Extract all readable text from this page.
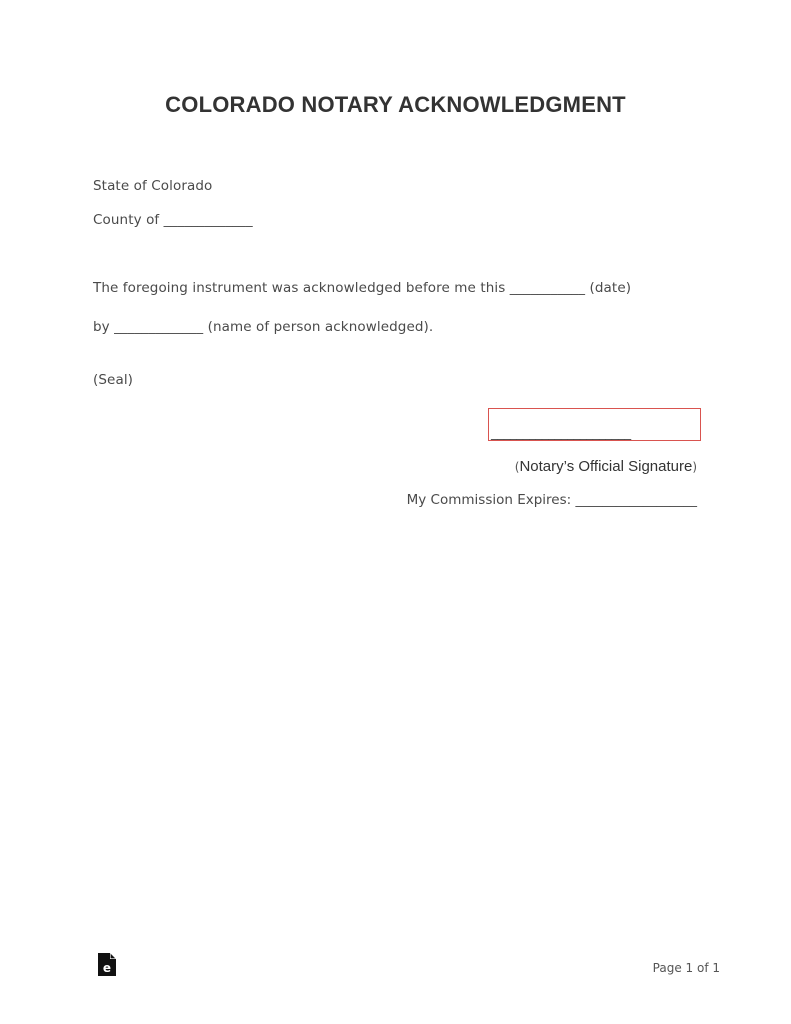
COLORADO NOTARY ACKNOWLEDGMENT
State of Colorado
County of _____________
The foregoing instrument was acknowledged before me this ___________ (date)
by _____________ (name of person acknowledged).
(Seal)
______________________
(Notary’s Official Signature)
My Commission Expires: __________________
e	Page 1 of 1
